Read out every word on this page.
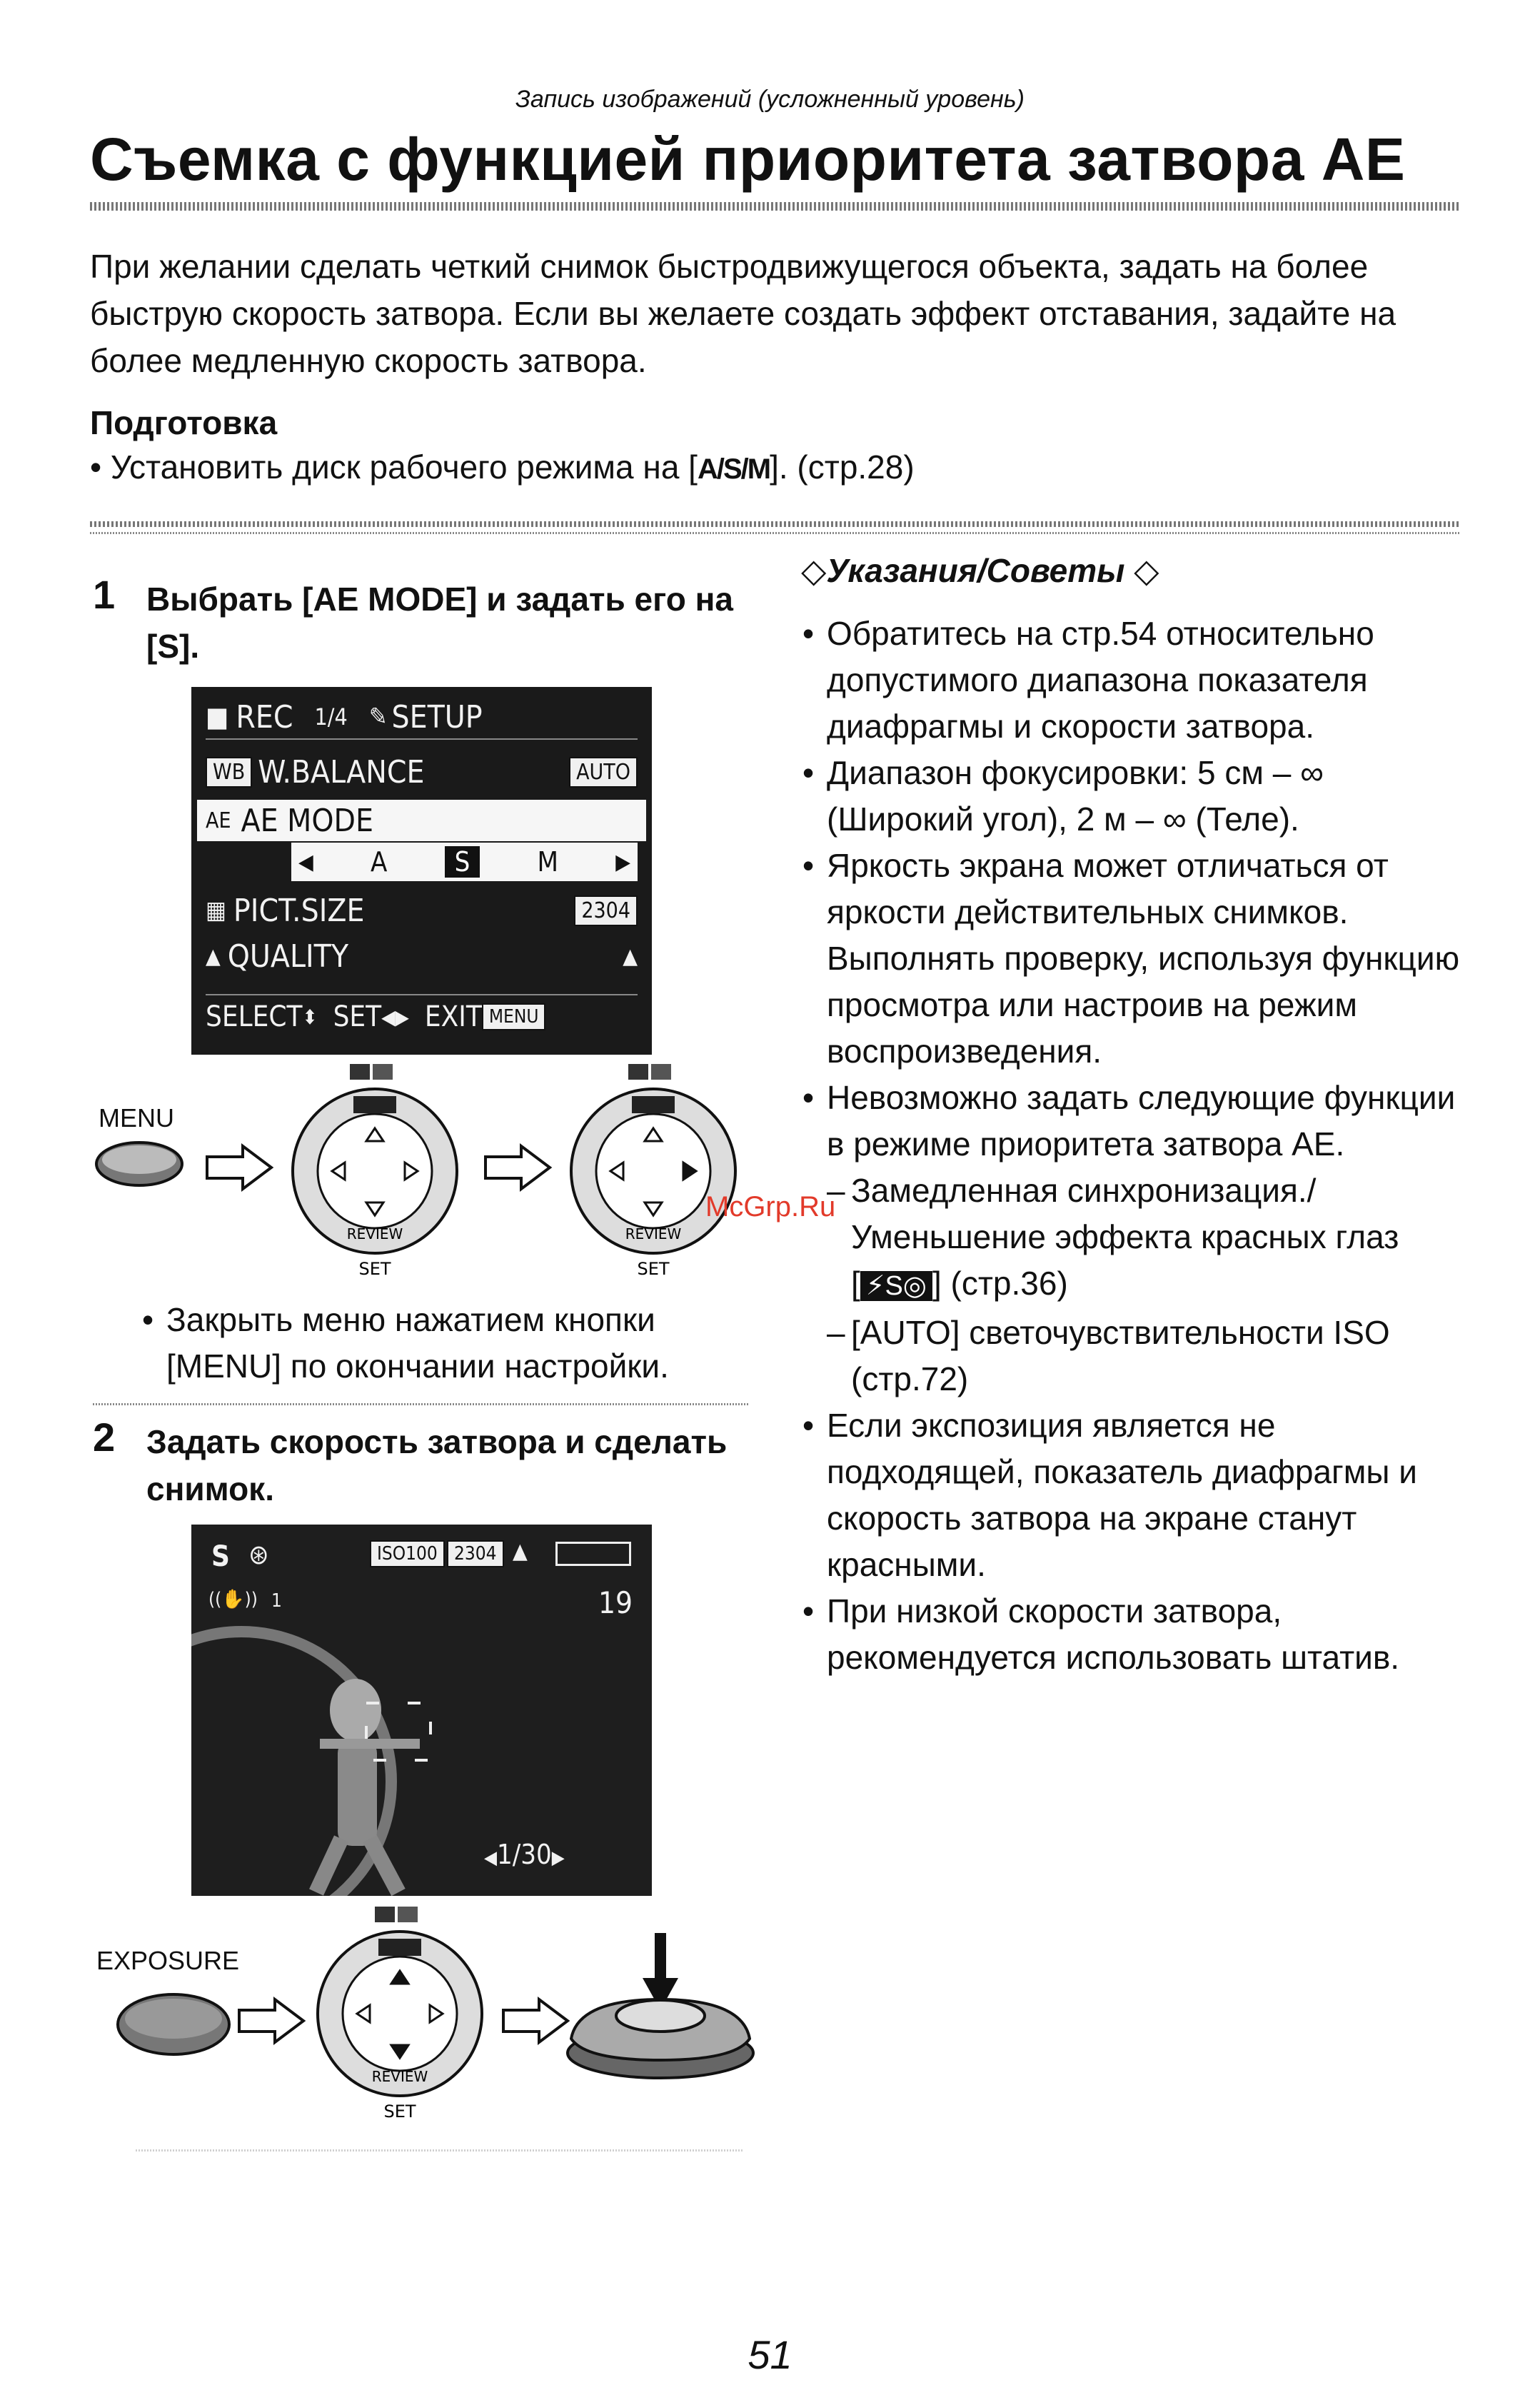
Запись изображений (усложненный уровень)
Съемка с функцией приоритета затвора AE
При желании сделать четкий снимок быстродвижущегося объекта, задать на более быструю скорость затвора. Если вы желаете создать эффект отставания, задайте на более медленную скорость затвора.
Подготовка
• Установить диск рабочего режима на [A/S/M]. (стр.28)
1 Выбрать [AE MODE] и задать его на [S].
■ REC 1/4 ✎ SETUP
WB W.BALANCE	AUTO
AE AE MODE
◀ A	S	M	▶
▦ PICT.SIZE	2304
▲ QUALITY	▲
SELECT ⬍ SET ◀▶ EXIT MENU
MENU
REVIEW
SET
REVIEW
SET
• Закрыть меню нажатием кнопки [MENU] по окончании настройки.
2 Задать скорость затвора и сделать снимок.
S ⊛	ISO100 2304 ▲
((✋)) 1	19
◀1/30▶
EXPOSURE
REVIEW
SET
◇Указания/Советы ◇
• Обратитесь на стр.54 относительно допустимого диапазона показателя диафрагмы и скорости затвора.
• Диапазон фокусировки: 5 см – ∞ (Широкий угол), 2 м – ∞ (Теле).
• Яркость экрана может отличаться от яркости действительных снимков. Выполнять проверку, используя функцию просмотра или настроив на режим воспроизведения.
• Невозможно задать следующие функции в режиме приоритета затвора AE.
– Замедленная синхронизация./ Уменьшение эффекта красных глаз [ ⚡S◎ ] (стр.36)
– [AUTO] светочувствительности ISO (стр.72)
• Если экспозиция является не подходящей, показатель диафрагмы и скорость затвора на экране станут красными.
• При низкой скорости затвора, рекомендуется использовать штатив.
McGrp.Ru
51
